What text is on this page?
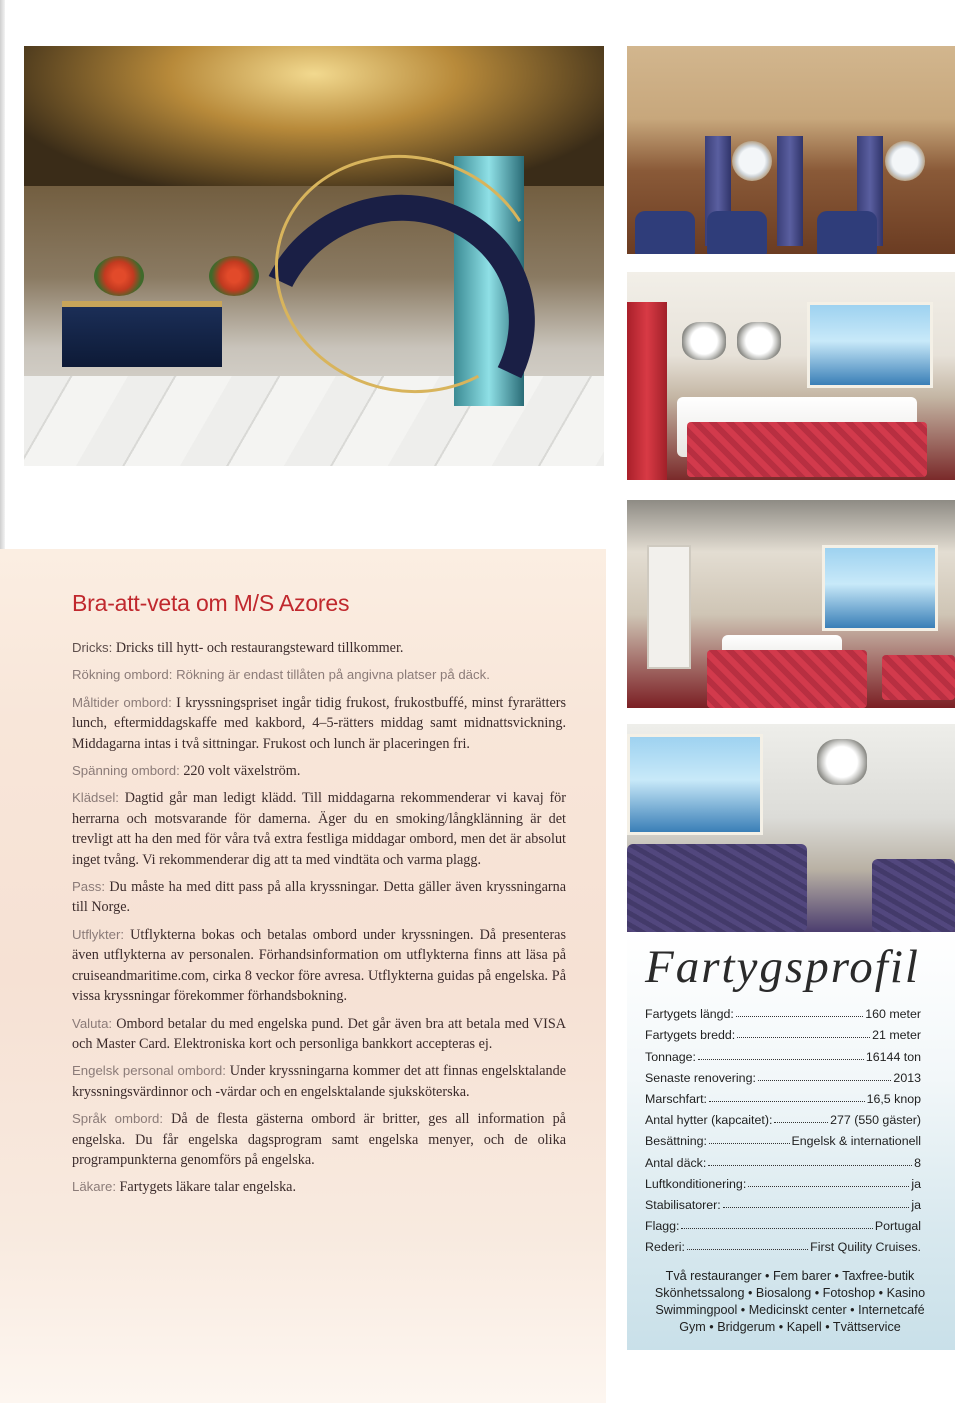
Bra-att-veta om M/S Azores

Dricks: Dricks till hytt- och restaurangsteward tillkommer.

Rökning ombord: Rökning är endast tillåten på angivna platser på däck.

Måltider ombord: I kryssningspriset ingår tidig frukost, frukostbuffé, minst fyrarätters lunch, eftermiddagskaffe med kakbord, 4–5-rätters middag samt midnattsvickning. Middagarna intas i två sittningar. Frukost och lunch är placeringen fri.

Spänning ombord: 220 volt växelström.

Klädsel: Dagtid går man ledigt klädd. Till middagarna rekommenderar vi kavaj för herrarna och motsvarande för damerna. Äger du en smoking/långklänning är det trevligt att ha den med för våra två extra festliga middagar ombord, men det är absolut inget tvång. Vi rekommenderar dig att ta med vindtäta och varma plagg.

Pass: Du måste ha med ditt pass på alla kryssningar. Detta gäller även kryssningarna till Norge.

Utflykter: Utflykterna bokas och betalas ombord under kryssningen. Då presenteras även utflykterna av personalen. Förhandsinformation om utflykterna finns att läsa på cruiseandmaritime.com, cirka 8 veckor före avresa. Utflykterna guidas på engelska. På vissa kryssningar förekommer förhandsbokning.

Valuta: Ombord betalar du med engelska pund. Det går även bra att betala med VISA och Master Card. Elektroniska kort och personliga bankkort accepteras ej.

Engelsk personal ombord: Under kryssningarna kommer det att finnas engelsktalande kryssningsvärdinnor och -värdar och en engelsktalande sjuksköterska.

Språk ombord: Då de flesta gästerna ombord är britter, ges all information på engelska. Du får engelska dagsprogram samt engelska menyer, och de olika programpunkterna genomförs på engelska.

Läkare: Fartygets läkare talar engelska.

Fartygsprofil
Fartygets längd:	160 meter
Fartygets bredd:	21 meter
Tonnage:	16144 ton
Senaste renovering:	2013
Marschfart:	16,5 knop
Antal hytter (kapcaitet):	277 (550 gäster)
Besättning:	Engelsk & internationell
Antal däck:	8
Luftkonditionering:	ja
Stabilisatorer:	ja
Flagg:	Portugal
Rederi:	First Quility Cruises.
Två restauranger • Fem barer • Taxfree-butik
Skönhetssalong • Biosalong • Fotoshop • Kasino
Swimmingpool • Medicinskt center • Internetcafé
Gym • Bridgerum • Kapell • Tvättservice
